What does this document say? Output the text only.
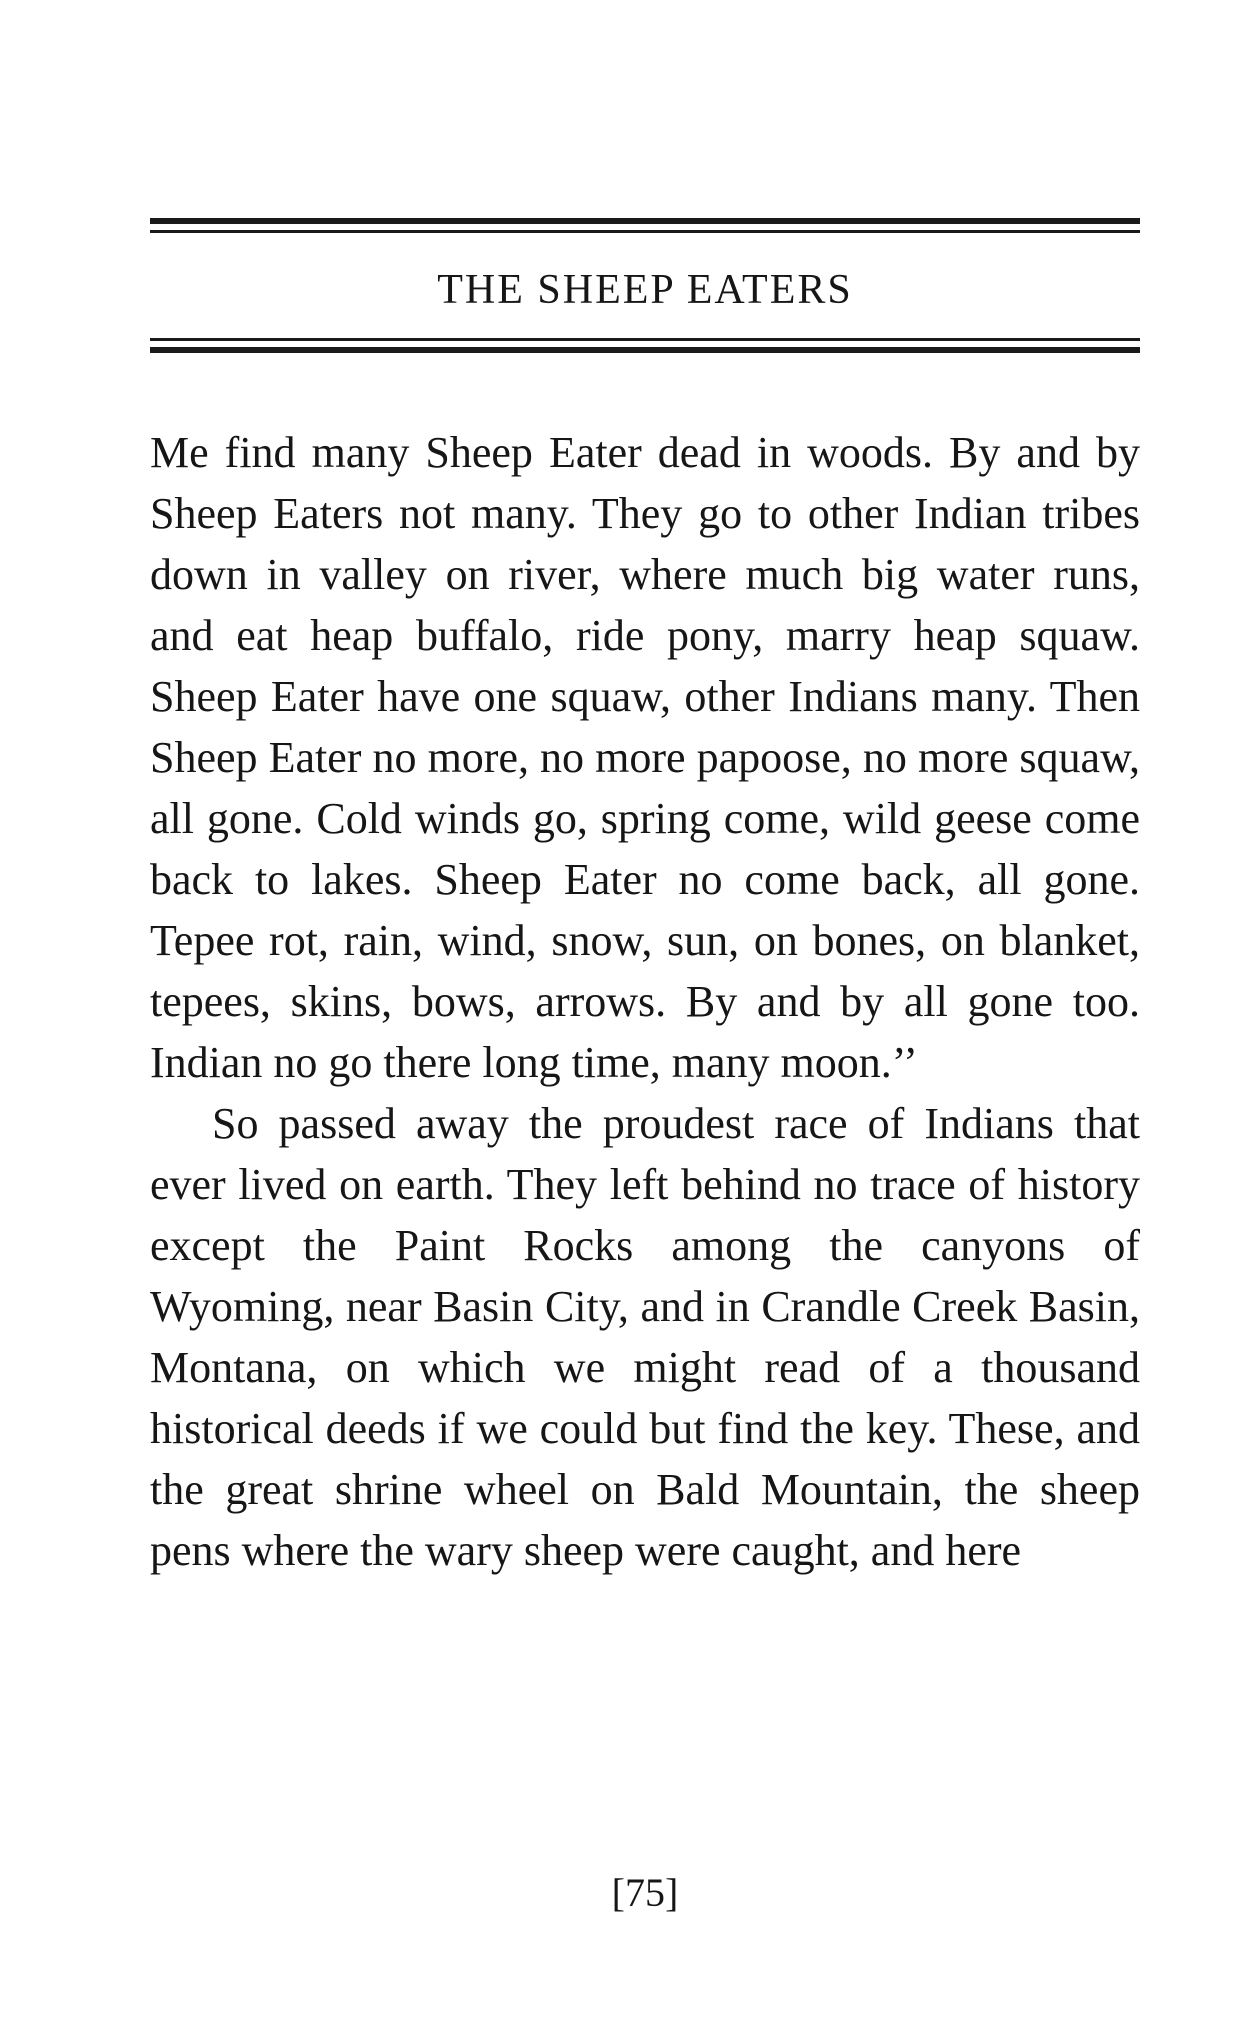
THE SHEEP EATERS

Me find many Sheep Eater dead in woods. By and by Sheep Eaters not many. They go to other Indian tribes down in valley on river, where much big water runs, and eat heap buffalo, ride pony, marry heap squaw. Sheep Eater have one squaw, other Indians many. Then Sheep Eater no more, no more papoose, no more squaw, all gone. Cold winds go, spring come, wild geese come back to lakes. Sheep Eater no come back, all gone. Tepee rot, rain, wind, snow, sun, on bones, on blanket, tepees, skins, bows, arrows. By and by all gone too. Indian no go there long time, many moon.’’

So passed away the proudest race of Indians that ever lived on earth. They left behind no trace of history except the Paint Rocks among the canyons of Wyoming, near Basin City, and in Crandle Creek Basin, Montana, on which we might read of a thousand historical deeds if we could but find the key. These, and the great shrine wheel on Bald Mountain, the sheep pens where the wary sheep were caught, and here

[75]
